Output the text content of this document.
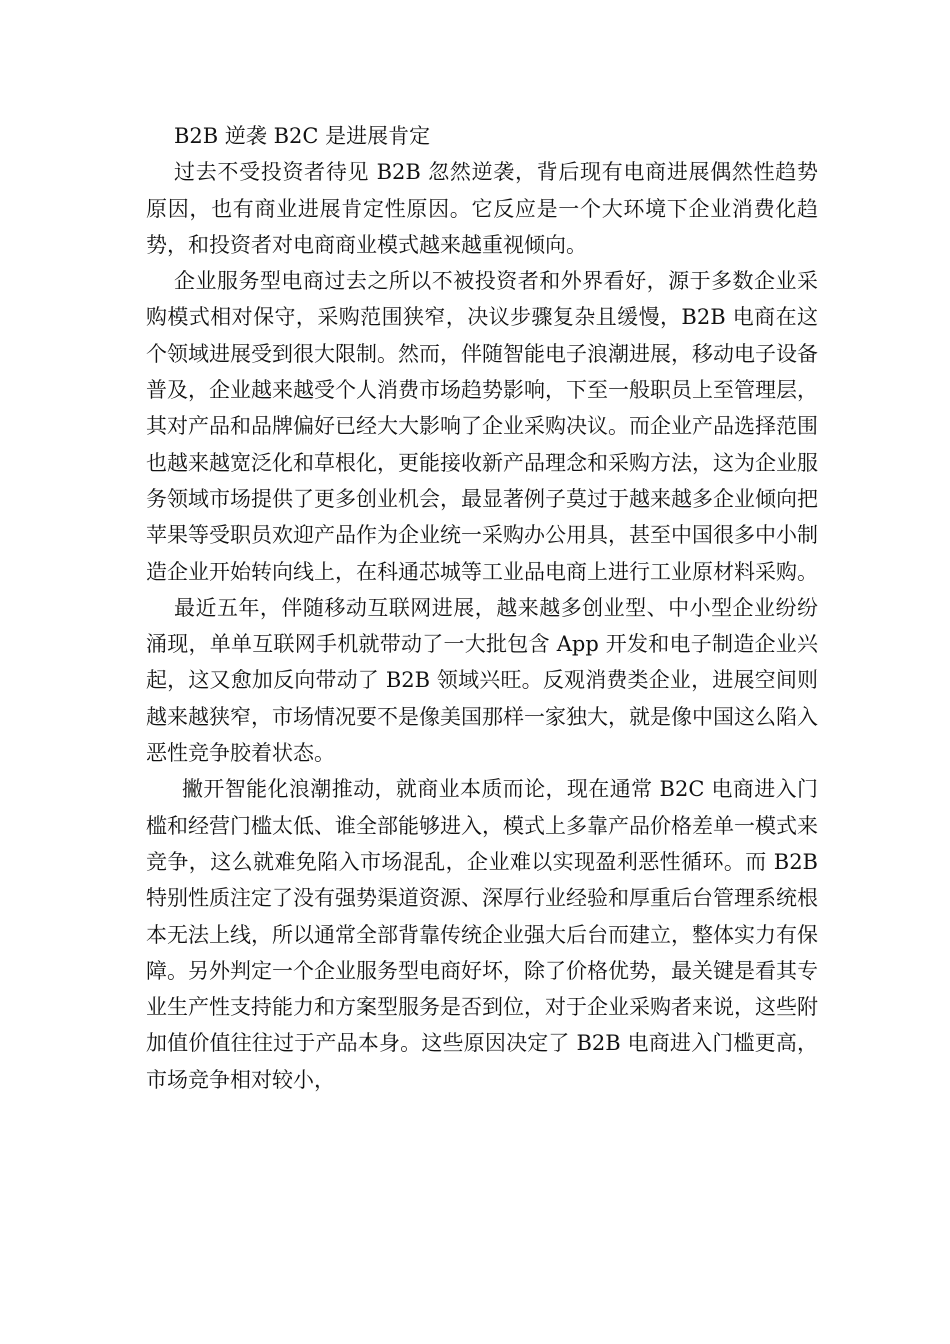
B2B 逆袭 B2C 是进展肯定

过去不受投资者待见 B2B 忽然逆袭，背后现有电商进展偶然性趋势原因，也有商业进展肯定性原因。它反应是一个大环境下企业消费化趋势，和投资者对电商商业模式越来越重视倾向。

企业服务型电商过去之所以不被投资者和外界看好，源于多数企业采购模式相对保守，采购范围狭窄，决议步骤复杂且缓慢，B2B 电商在这个领域进展受到很大限制。然而，伴随智能电子浪潮进展，移动电子设备普及，企业越来越受个人消费市场趋势影响，下至一般职员上至管理层，其对产品和品牌偏好已经大大影响了企业采购决议。而企业产品选择范围也越来越宽泛化和草根化，更能接收新产品理念和采购方法，这为企业服务领域市场提供了更多创业机会，最显著例子莫过于越来越多企业倾向把苹果等受职员欢迎产品作为企业统一采购办公用具，甚至中国很多中小制造企业开始转向线上，在科通芯城等工业品电商上进行工业原材料采购。

最近五年，伴随移动互联网进展，越来越多创业型、中小型企业纷纷涌现，单单互联网手机就带动了一大批包含 App 开发和电子制造企业兴起，这又愈加反向带动了 B2B 领域兴旺。反观消费类企业，进展空间则越来越狭窄，市场情况要不是像美国那样一家独大，就是像中国这么陷入恶性竞争胶着状态。

撇开智能化浪潮推动，就商业本质而论，现在通常 B2C 电商进入门槛和经营门槛太低、谁全部能够进入，模式上多靠产品价格差单一模式来竞争，这么就难免陷入市场混乱，企业难以实现盈利恶性循环。而 B2B 特别性质注定了没有强势渠道资源、深厚行业经验和厚重后台管理系统根本无法上线，所以通常全部背靠传统企业强大后台而建立，整体实力有保障。另外判定一个企业服务型电商好坏，除了价格优势，最关键是看其专业生产性支持能力和方案型服务是否到位，对于企业采购者来说，这些附加值价值往往过于产品本身。这些原因决定了 B2B 电商进入门槛更高，市场竞争相对较小，
